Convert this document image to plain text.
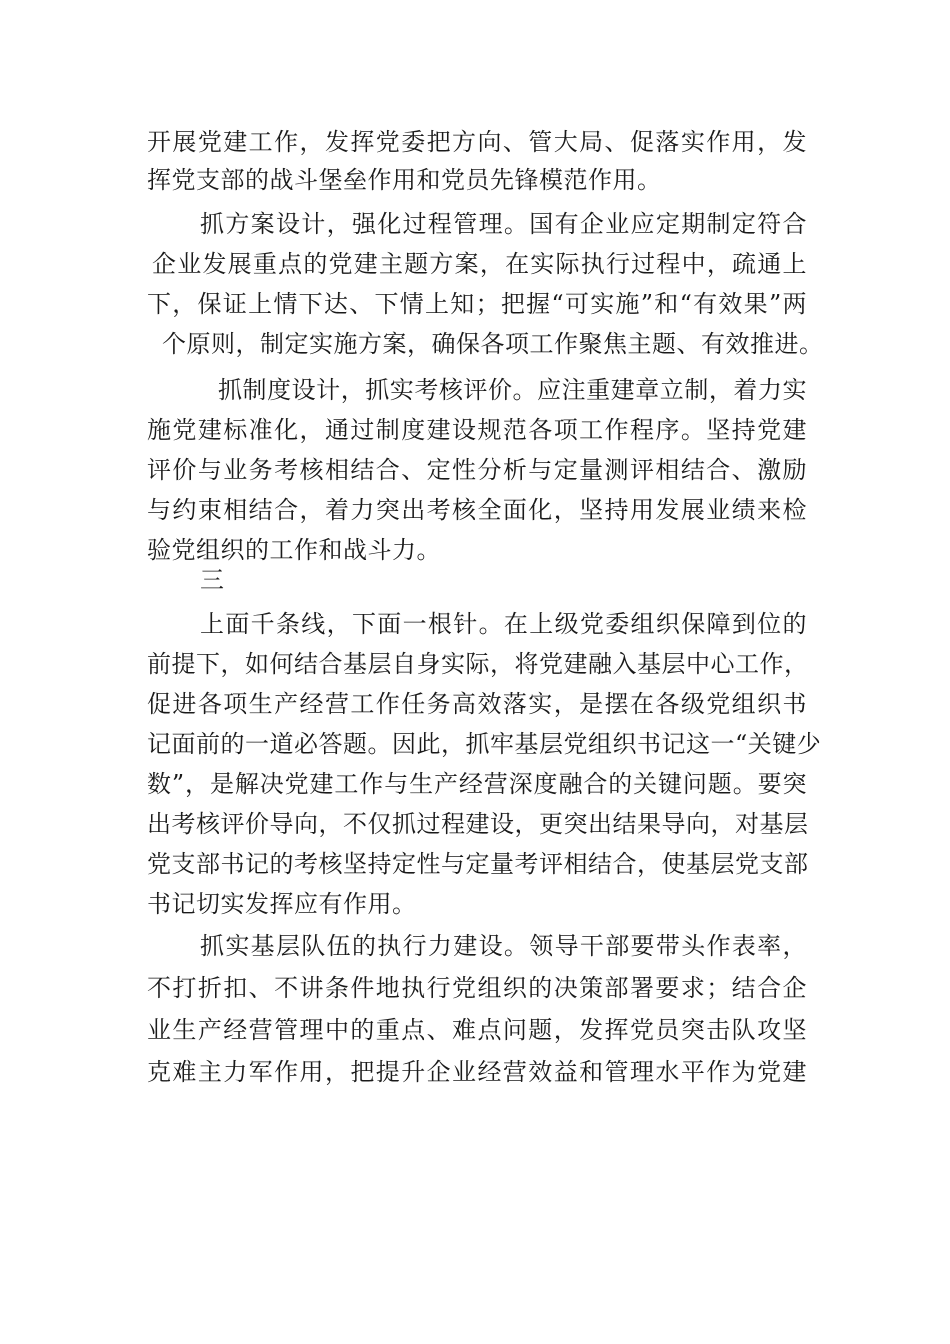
开展党建工作，发挥党委把方向、管大局、促落实作用，发
挥党支部的战斗堡垒作用和党员先锋模范作用。
抓方案设计，强化过程管理。国有企业应定期制定符合
企业发展重点的党建主题方案，在实际执行过程中，疏通上
下，保证上情下达、下情上知；把握“可实施”和“有效果”两
个原则，制定实施方案，确保各项工作聚焦主题、有效推进。
抓制度设计，抓实考核评价。应注重建章立制，着力实
施党建标准化，通过制度建设规范各项工作程序。坚持党建
评价与业务考核相结合、定性分析与定量测评相结合、激励
与约束相结合，着力突出考核全面化，坚持用发展业绩来检
验党组织的工作和战斗力。
三
上面千条线，下面一根针。在上级党委组织保障到位的
前提下，如何结合基层自身实际，将党建融入基层中心工作，
促进各项生产经营工作任务高效落实，是摆在各级党组织书
记面前的一道必答题。因此，抓牢基层党组织书记这一“关键少
数”，是解决党建工作与生产经营深度融合的关键问题。要突
出考核评价导向，不仅抓过程建设，更突出结果导向，对基层
党支部书记的考核坚持定性与定量考评相结合，使基层党支部
书记切实发挥应有作用。
抓实基层队伍的执行力建设。领导干部要带头作表率，
不打折扣、不讲条件地执行党组织的决策部署要求；结合企
业生产经营管理中的重点、难点问题，发挥党员突击队攻坚
克难主力军作用，把提升企业经营效益和管理水平作为党建
